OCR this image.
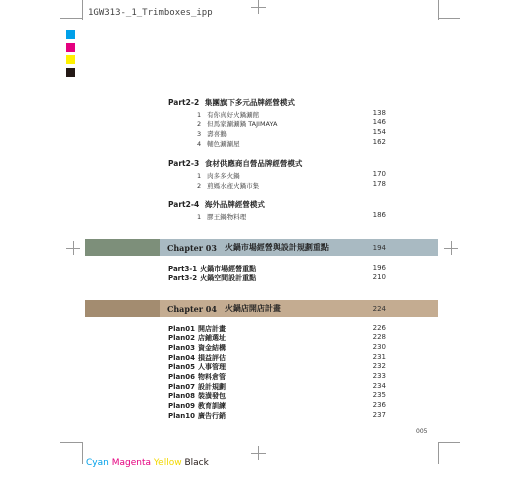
1GW313-_1_Trimboxes_ipp
Part2-2 集團旗下多元品牌經營模式
1 有你真好火鍋涮館	138
2 但馬家涮涮鍋 TAJIMAYA	146
3 壽喜鵝	154
4 輔色涮涮屋	162
Part2-3 食材供應商自營品牌經營模式
1 肉多多火鍋	170
2 煎媽水產火鍋市集	178
Part2-4 海外品牌經營模式
1 膠王鍋物料理	186
Chapter 03 火鍋市場經營與設計規劃重點	194
Part3-1 火鍋市場經營重點	196
Part3-2 火鍋空間設計重點	210
Chapter 04 火鍋店開店計畫	224
Plan01 開店計畫	226
Plan02 店鋪選址	228
Plan03 資金結構	230
Plan04 損益評估	231
Plan05 人事管理	232
Plan06 物料倉管	233
Plan07 設計規劃	234
Plan08 裝潢發包	235
Plan09 教育訓練	236
Plan10 廣告行銷	237
005
Cyan Magenta Yellow Black
